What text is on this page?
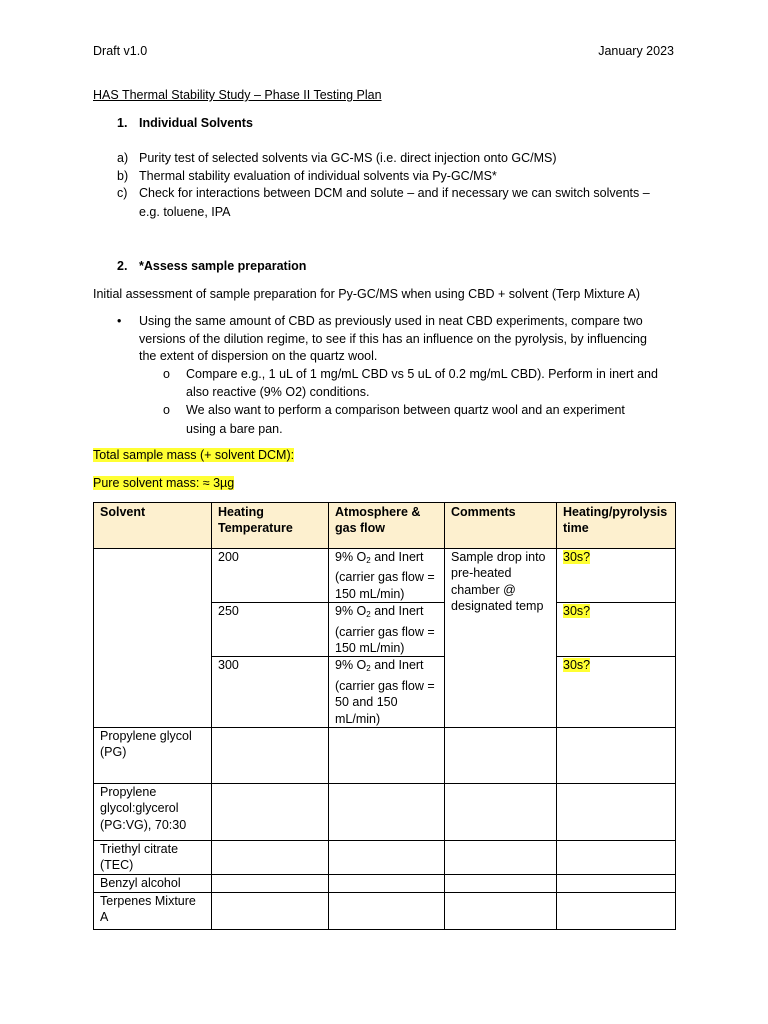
Draft v1.0	January 2023
HAS Thermal Stability Study – Phase II Testing Plan
1. Individual Solvents
a) Purity test of selected solvents via GC-MS (i.e. direct injection onto GC/MS)
b) Thermal stability evaluation of individual solvents via Py-GC/MS*
c) Check for interactions between DCM and solute – and if necessary we can switch solvents –
e.g. toluene, IPA
2. *Assess sample preparation
Initial assessment of sample preparation for Py-GC/MS when using CBD + solvent (Terp Mixture A)
• Using the same amount of CBD as previously used in neat CBD experiments, compare two
versions of the dilution regime, to see if this has an influence on the pyrolysis, by influencing
the extent of dispersion on the quartz wool.
o Compare e.g., 1 uL of 1 mg/mL CBD vs 5 uL of 0.2 mg/mL CBD). Perform in inert and
also reactive (9% O2) conditions.
o We also want to perform a comparison between quartz wool and an experiment
using a bare pan.
Total sample mass (+ solvent DCM):
Pure solvent mass: ≈ 3µg
Solvent	Heating Temperature	Atmosphere & gas flow	Comments	Heating/pyrolysis time
	200	9% $O_2$ and Inert
(carrier gas flow = 150 mL/min)	Sample drop into pre-heated chamber @ designated temp	30s?
	250	9% $O_2$ and Inert
(carrier gas flow = 150 mL/min)		30s?
	300	9% $O_2$ and Inert
(carrier gas flow = 50 and 150 mL/min)		30s?
Propylene glycol (PG)				
Propylene glycol:glycerol (PG:VG), 70:30				
Triethyl citrate (TEC)				
Benzyl alcohol				
Terpenes Mixture A				
